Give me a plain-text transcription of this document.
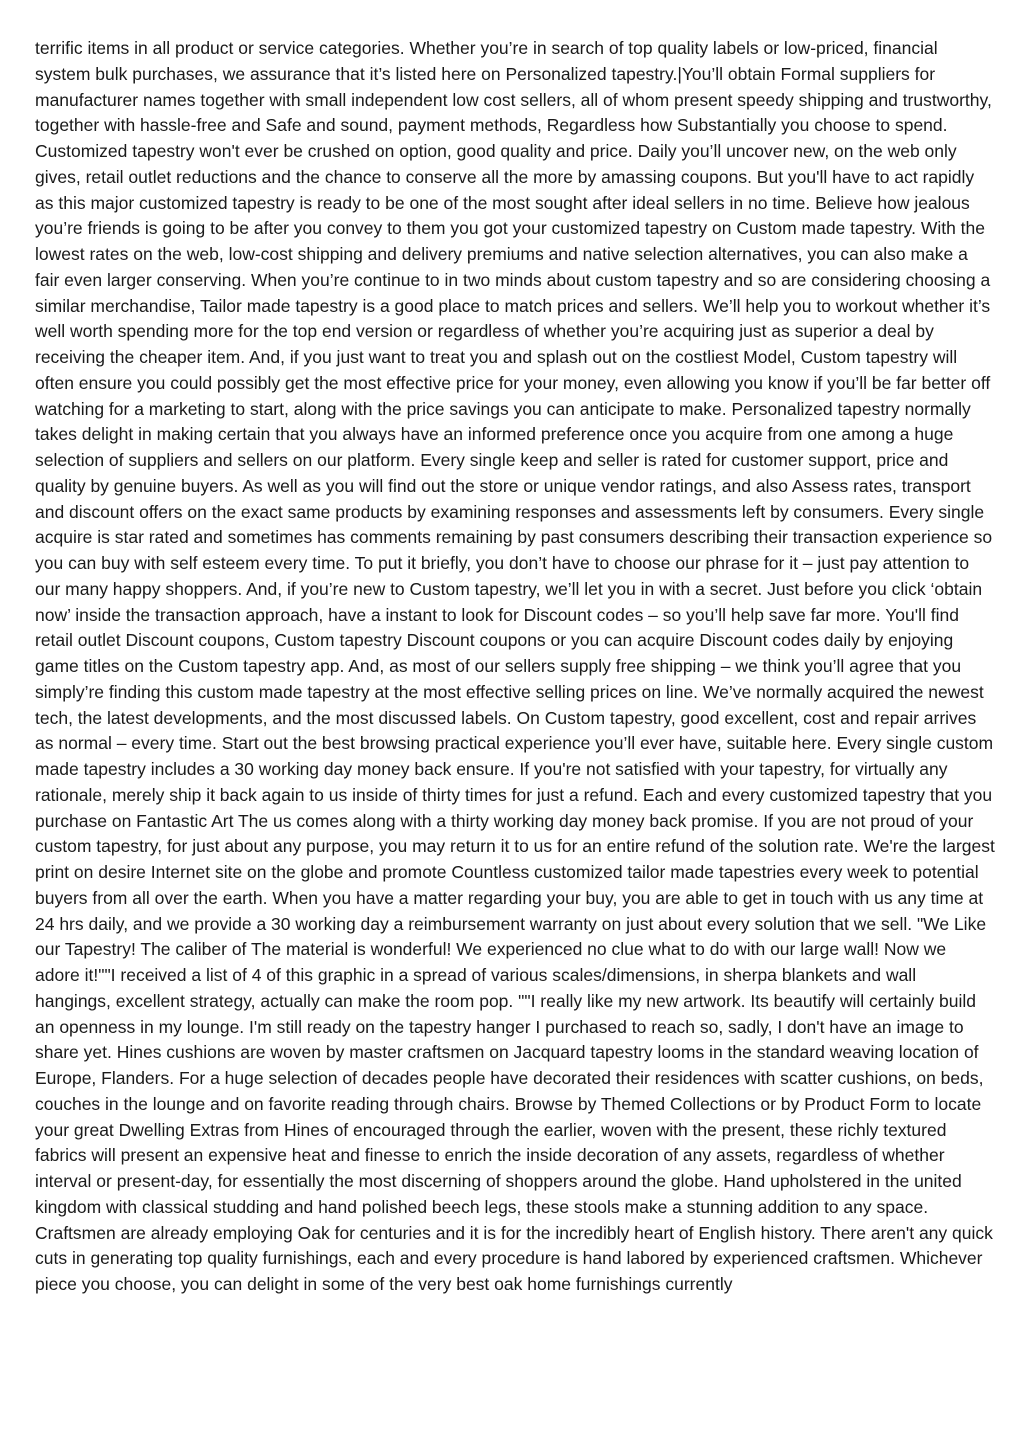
terrific items in all product or service categories. Whether you’re in search of top quality labels or low-priced, financial system bulk purchases, we assurance that it’s listed here on Personalized tapestry.|You’ll obtain Formal suppliers for manufacturer names together with small independent low cost sellers, all of whom present speedy shipping and trustworthy, together with hassle-free and Safe and sound, payment methods, Regardless how Substantially you choose to spend. Customized tapestry won't ever be crushed on option, good quality and price. Daily you’ll uncover new, on the web only gives, retail outlet reductions and the chance to conserve all the more by amassing coupons. But you'll have to act rapidly as this major customized tapestry is ready to be one of the most sought after ideal sellers in no time. Believe how jealous you’re friends is going to be after you convey to them you got your customized tapestry on Custom made tapestry. With the lowest rates on the web, low-cost shipping and delivery premiums and native selection alternatives, you can also make a fair even larger conserving. When you’re continue to in two minds about custom tapestry and so are considering choosing a similar merchandise, Tailor made tapestry is a good place to match prices and sellers. We’ll help you to workout whether it’s well worth spending more for the top end version or regardless of whether you’re acquiring just as superior a deal by receiving the cheaper item. And, if you just want to treat you and splash out on the costliest Model, Custom tapestry will often ensure you could possibly get the most effective price for your money, even allowing you know if you’ll be far better off watching for a marketing to start, along with the price savings you can anticipate to make. Personalized tapestry normally takes delight in making certain that you always have an informed preference once you acquire from one among a huge selection of suppliers and sellers on our platform. Every single keep and seller is rated for customer support, price and quality by genuine buyers. As well as you will find out the store or unique vendor ratings, and also Assess rates, transport and discount offers on the exact same products by examining responses and assessments left by consumers. Every single acquire is star rated and sometimes has comments remaining by past consumers describing their transaction experience so you can buy with self esteem every time. To put it briefly, you don’t have to choose our phrase for it – just pay attention to our many happy shoppers. And, if you’re new to Custom tapestry, we’ll let you in with a secret. Just before you click ‘obtain now’ inside the transaction approach, have a instant to look for Discount codes – so you’ll help save far more. You'll find retail outlet Discount coupons, Custom tapestry Discount coupons or you can acquire Discount codes daily by enjoying game titles on the Custom tapestry app. And, as most of our sellers supply free shipping – we think you’ll agree that you simply’re finding this custom made tapestry at the most effective selling prices on line. We’ve normally acquired the newest tech, the latest developments, and the most discussed labels. On Custom tapestry, good excellent, cost and repair arrives as normal – every time. Start out the best browsing practical experience you’ll ever have, suitable here. Every single custom made tapestry includes a 30 working day money back ensure. If you're not satisfied with your tapestry, for virtually any rationale, merely ship it back again to us inside of thirty times for just a refund. Each and every customized tapestry that you purchase on Fantastic Art The us comes along with a thirty working day money back promise. If you are not proud of your custom tapestry, for just about any purpose, you may return it to us for an entire refund of the solution rate. We're the largest print on desire Internet site on the globe and promote Countless customized tailor made tapestries every week to potential buyers from all over the earth. When you have a matter regarding your buy, you are able to get in touch with us any time at 24 hrs daily, and we provide a 30 working day a reimbursement warranty on just about every solution that we sell. "We Like our Tapestry! The caliber of The material is wonderful! We experienced no clue what to do with our large wall! Now we adore it!""I received a list of 4 of this graphic in a spread of various scales/dimensions, in sherpa blankets and wall hangings, excellent strategy, actually can make the room pop. ""I really like my new artwork. Its beautify will certainly build an openness in my lounge. I'm still ready on the tapestry hanger I purchased to reach so, sadly, I don't have an image to share yet. Hines cushions are woven by master craftsmen on Jacquard tapestry looms in the standard weaving location of Europe, Flanders. For a huge selection of decades people have decorated their residences with scatter cushions, on beds, couches in the lounge and on favorite reading through chairs. Browse by Themed Collections or by Product Form to locate your great Dwelling Extras from Hines of encouraged through the earlier, woven with the present, these richly textured fabrics will present an expensive heat and finesse to enrich the inside decoration of any assets, regardless of whether interval or present-day, for essentially the most discerning of shoppers around the globe. Hand upholstered in the united kingdom with classical studding and hand polished beech legs, these stools make a stunning addition to any space. Craftsmen are already employing Oak for centuries and it is for the incredibly heart of English history. There aren't any quick cuts in generating top quality furnishings, each and every procedure is hand labored by experienced craftsmen. Whichever piece you choose, you can delight in some of the very best oak home furnishings currently
